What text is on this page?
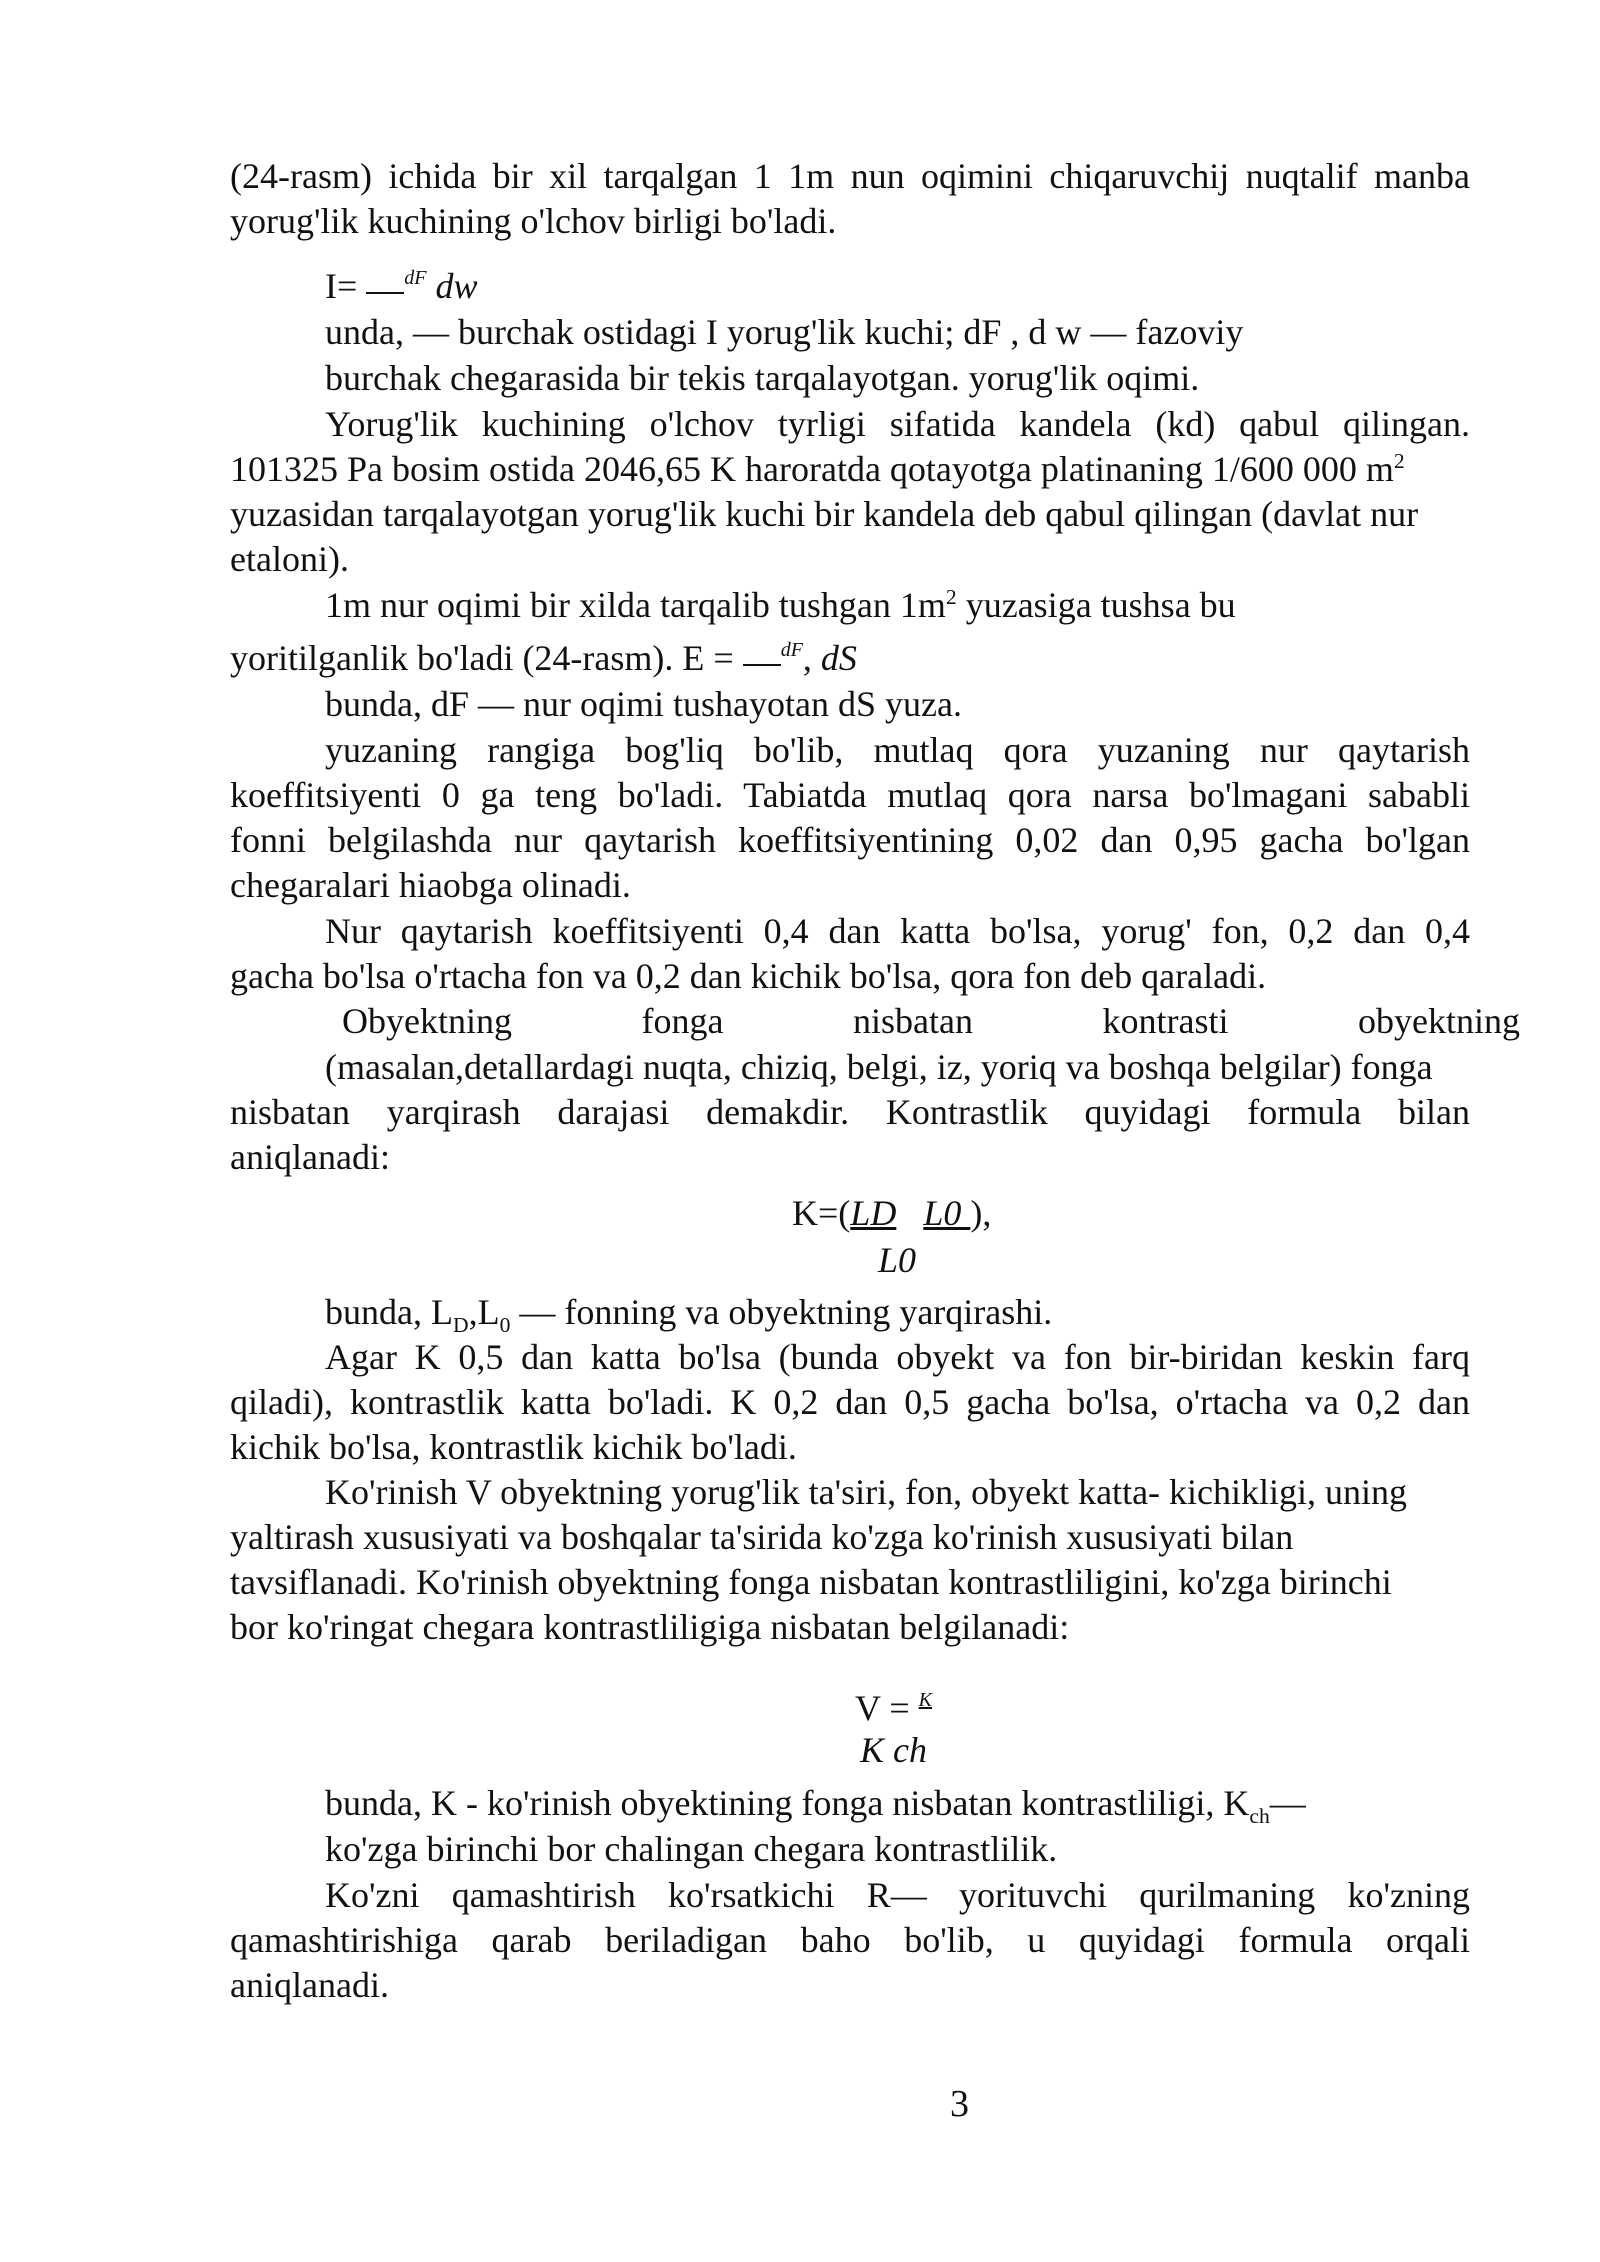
(24-rasm) ichida bir xil tarqalgan 1 1m nun oqimini chiqaruvchij nuqtalif manba
yorug'lik kuchining o'lchov birligi bo'ladi.
I= $^{dF}$ dw
unda, — burchak ostidagi I yorug'lik kuchi; dF , d w — fazoviy
burchak chegarasida bir tekis tarqalayotgan. yorug'lik oqimi.
Yorug'lik kuchining o'lchov tyrligi sifatida kandela (kd) qabul qilingan.
101325 Pa bosim ostida 2046,65 K haroratda qotayotga platinaning 1/600 000 $m^2$
yuzasidan tarqalayotgan yorug'lik kuchi bir kandela deb qabul qilingan (davlat nur
etaloni).
1m nur oqimi bir xilda tarqalib tushgan $1m^2$ yuzasiga tushsa bu
yoritilganlik bo'ladi (24-rasm). E = $^{dF}$, dS
bunda, dF — nur oqimi tushayotan dS yuza.
yuzaning rangiga bog'liq bo'lib, mutlaq qora yuzaning nur qaytarish
koeffitsiyenti 0 ga teng bo'ladi. Tabiatda mutlaq qora narsa bo'lmagani sababli
fonni belgilashda nur qaytarish koeffitsiyentining 0,02 dan 0,95 gacha bo'lgan
chegaralari hiaobga olinadi.
Nur qaytarish koeffitsiyenti 0,4 dan katta bo'lsa, yorug' fon, 0,2 dan 0,4
gacha bo'lsa o'rtacha fon va 0,2 dan kichik bo'lsa, qora fon deb qaraladi.
Obyektning fonga nisbatan kontrasti obyektning
(masalan,detallardagi nuqta, chiziq, belgi, iz, yoriq va boshqa belgilar) fonga
nisbatan yarqirash darajasi demakdir. Kontrastlik quyidagi formula bilan
aniqlanadi:
K=(LD L0 ),
L0
bunda, $L_D,L_0$ — fonning va obyektning yarqirashi.
Agar K 0,5 dan katta bo'lsa (bunda obyekt va fon bir-biridan keskin farq
qiladi), kontrastlik katta bo'ladi. K 0,2 dan 0,5 gacha bo'lsa, o'rtacha va 0,2 dan
kichik bo'lsa, kontrastlik kichik bo'ladi.
Ko'rinish V obyektning yorug'lik ta'siri, fon, obyekt katta- kichikligi, uning
yaltirash xususiyati va boshqalar ta'sirida ko'zga ko'rinish xususiyati bilan
tavsiflanadi. Ko'rinish obyektning fonga nisbatan kontrastliligini, ko'zga birinchi
bor ko'ringat chegara kontrastliligiga nisbatan belgilanadi:
V = $^K$
K ch
bunda, K - ko'rinish obyektining fonga nisbatan kontrastliligi, $K_{ch}—$
ko'zga birinchi bor chalingan chegara kontrastlilik.
Ko'zni qamashtirish ko'rsatkichi R— yorituvchi qurilmaning ko'zning
qamashtirishiga qarab beriladigan baho bo'lib, u quyidagi formula orqali
aniqlanadi.
3
